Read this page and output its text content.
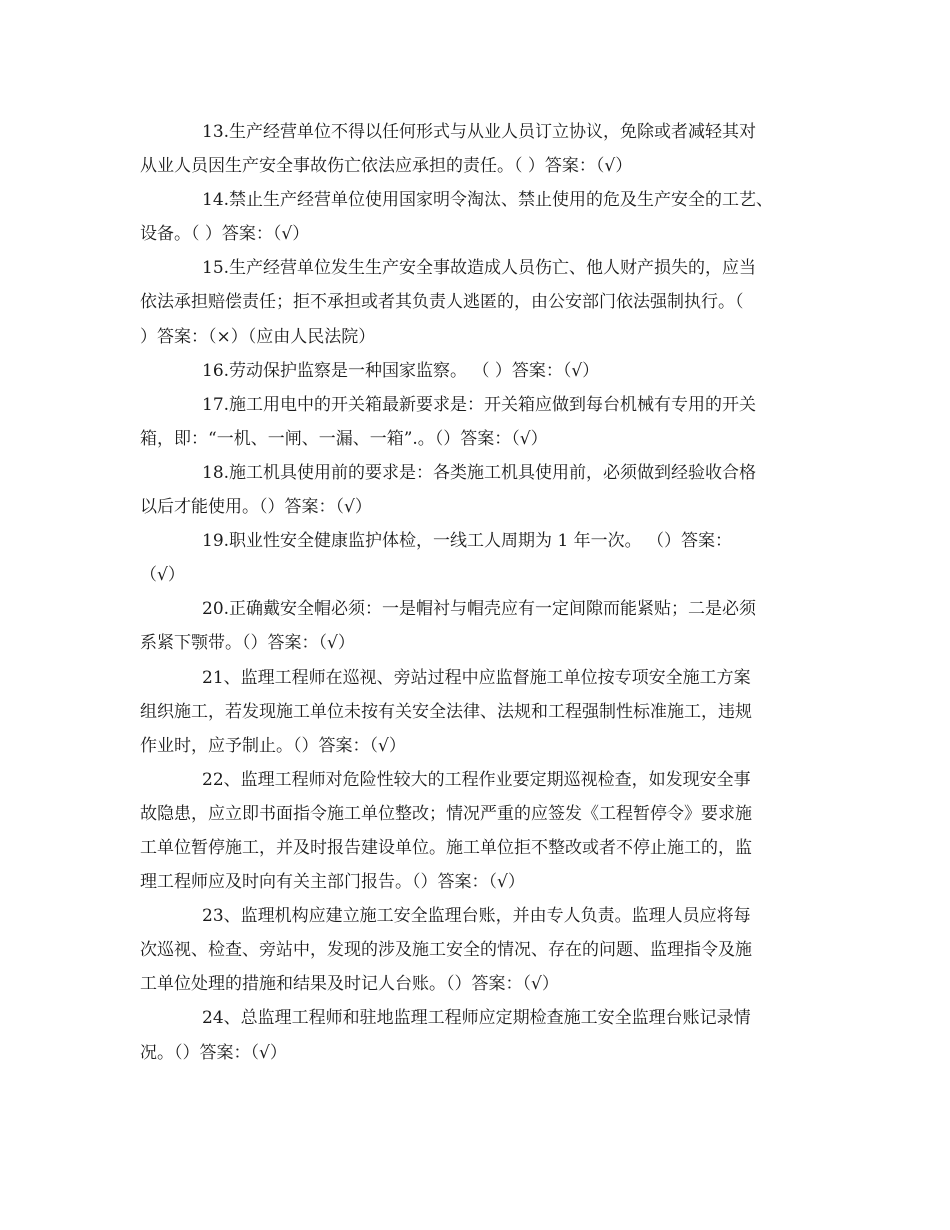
13.生产经营单位不得以任何形式与从业人员订立协议，免除或者减轻其对
从业人员因生产安全事故伤亡依法应承担的责任。（ ）答案：（√）
14.禁止生产经营单位使用国家明令淘汰、禁止使用的危及生产安全的工艺、
设备。（ ）答案：（√）
15.生产经营单位发生生产安全事故造成人员伤亡、他人财产损失的，应当
依法承担赔偿责任；拒不承担或者其负责人逃匿的，由公安部门依法强制执行。（
）答案：（×）（应由人民法院）
16.劳动保护监察是一种国家监察。 （ ）答案：（√）
17.施工用电中的开关箱最新要求是：开关箱应做到每台机械有专用的开关
箱，即：“一机、一闸、一漏、一箱”.。（）答案：（√）
18.施工机具使用前的要求是：各类施工机具使用前，必须做到经验收合格
以后才能使用。（）答案：（√）
19.职业性安全健康监护体检，一线工人周期为 1 年一次。 （）答案：
（√）
20.正确戴安全帽必须：一是帽衬与帽壳应有一定间隙而能紧贴；二是必须
系紧下颚带。（）答案：（√）
21、监理工程师在巡视、旁站过程中应监督施工单位按专项安全施工方案
组织施工，若发现施工单位未按有关安全法律、法规和工程强制性标准施工，违规
作业时，应予制止。（）答案：（√）
22、监理工程师对危险性较大的工程作业要定期巡视检查，如发现安全事
故隐患，应立即书面指令施工单位整改；情况严重的应签发《工程暂停令》要求施
工单位暂停施工，并及时报告建设单位。施工单位拒不整改或者不停止施工的，监
理工程师应及时向有关主部门报告。（）答案：（√）
23、监理机构应建立施工安全监理台账，并由专人负责。监理人员应将每
次巡视、检查、旁站中，发现的涉及施工安全的情况、存在的问题、监理指令及施
工单位处理的措施和结果及时记人台账。（）答案：（√）
24、总监理工程师和驻地监理工程师应定期检查施工安全监理台账记录情
况。（）答案：（√）
